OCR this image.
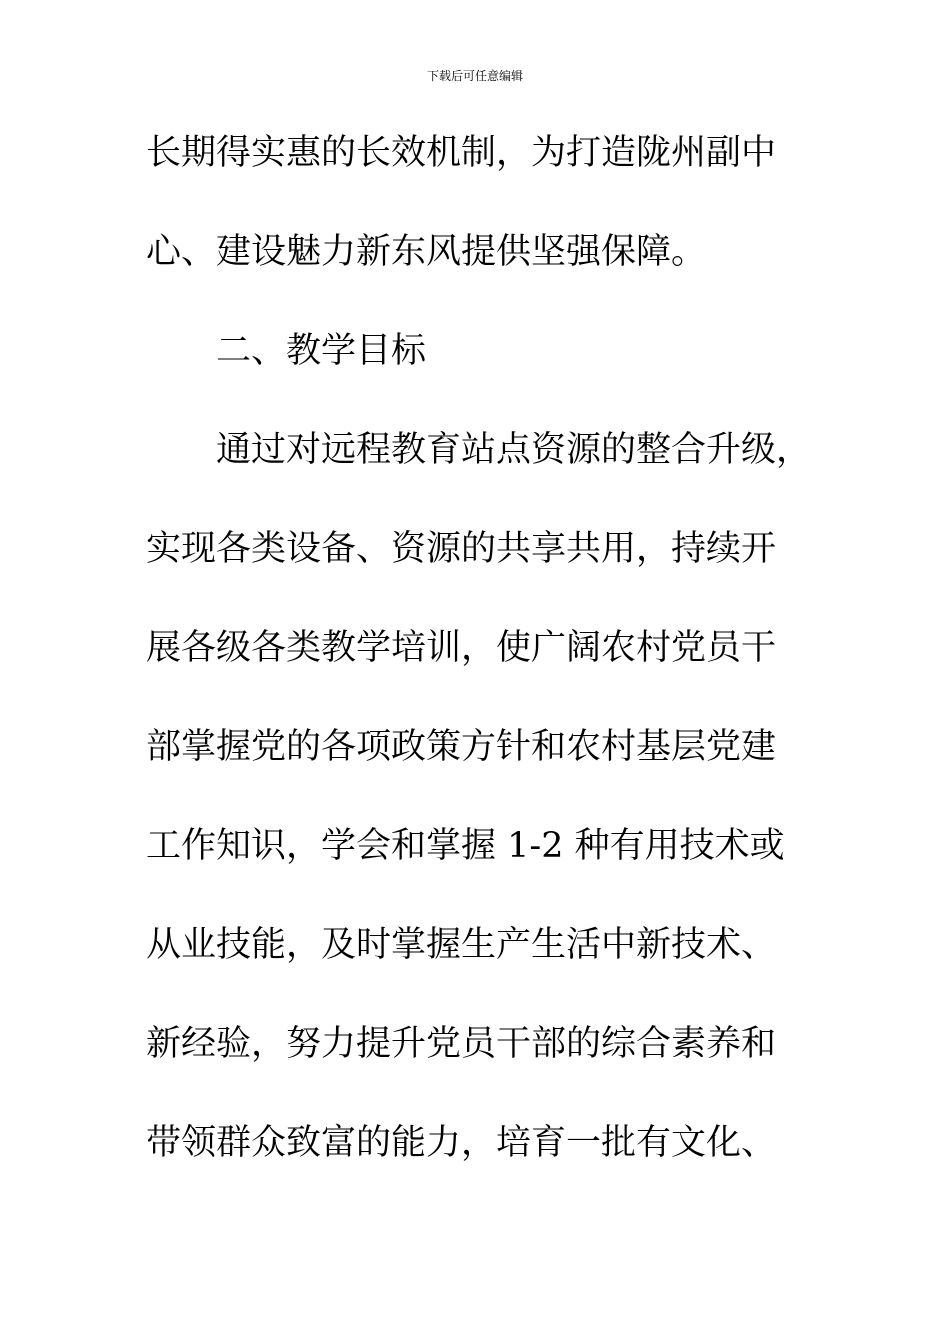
下载后可任意编辑
长期得实惠的长效机制，为打造陇州副中
心、建设魅力新东风提供坚强保障。
二、教学目标
通过对远程教育站点资源的整合升级，
实现各类设备、资源的共享共用，持续开
展各级各类教学培训，使广阔农村党员干
部掌握党的各项政策方针和农村基层党建
工作知识，学会和掌握 1-2 种有用技术或
从业技能，及时掌握生产生活中新技术、
新经验，努力提升党员干部的综合素养和
带领群众致富的能力，培育一批有文化、
